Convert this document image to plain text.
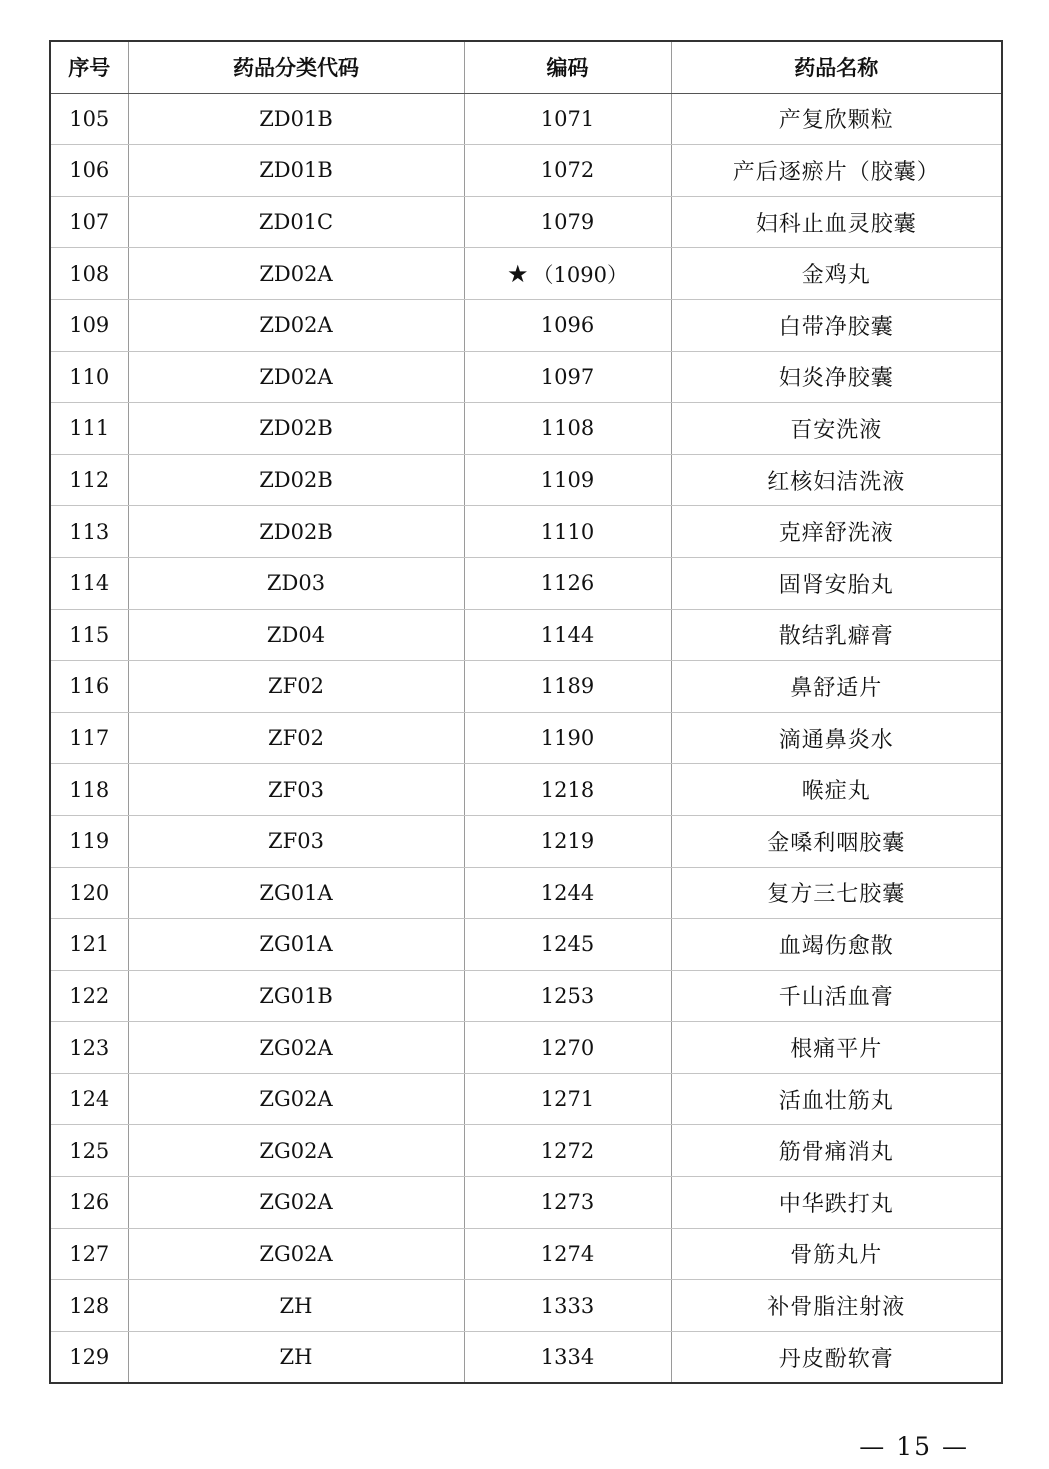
序号	药品分类代码	编码	药品名称
105	ZD01B	1071	产复欣颗粒
106	ZD01B	1072	产后逐瘀片（胶囊）
107	ZD01C	1079	妇科止血灵胶囊
108	ZD02A	★ （1090）	金鸡丸
109	ZD02A	1096	白带净胶囊
110	ZD02A	1097	妇炎净胶囊
111	ZD02B	1108	百安洗液
112	ZD02B	1109	红核妇洁洗液
113	ZD02B	1110	克痒舒洗液
114	ZD03	1126	固肾安胎丸
115	ZD04	1144	散结乳癖膏
116	ZF02	1189	鼻舒适片
117	ZF02	1190	滴通鼻炎水
118	ZF03	1218	喉症丸
119	ZF03	1219	金嗓利咽胶囊
120	ZG01A	1244	复方三七胶囊
121	ZG01A	1245	血竭伤愈散
122	ZG01B	1253	千山活血膏
123	ZG02A	1270	根痛平片
124	ZG02A	1271	活血壮筋丸
125	ZG02A	1272	筋骨痛消丸
126	ZG02A	1273	中华跌打丸
127	ZG02A	1274	骨筋丸片
128	ZH	1333	补骨脂注射液
129	ZH	1334	丹皮酚软膏
— 15 —
